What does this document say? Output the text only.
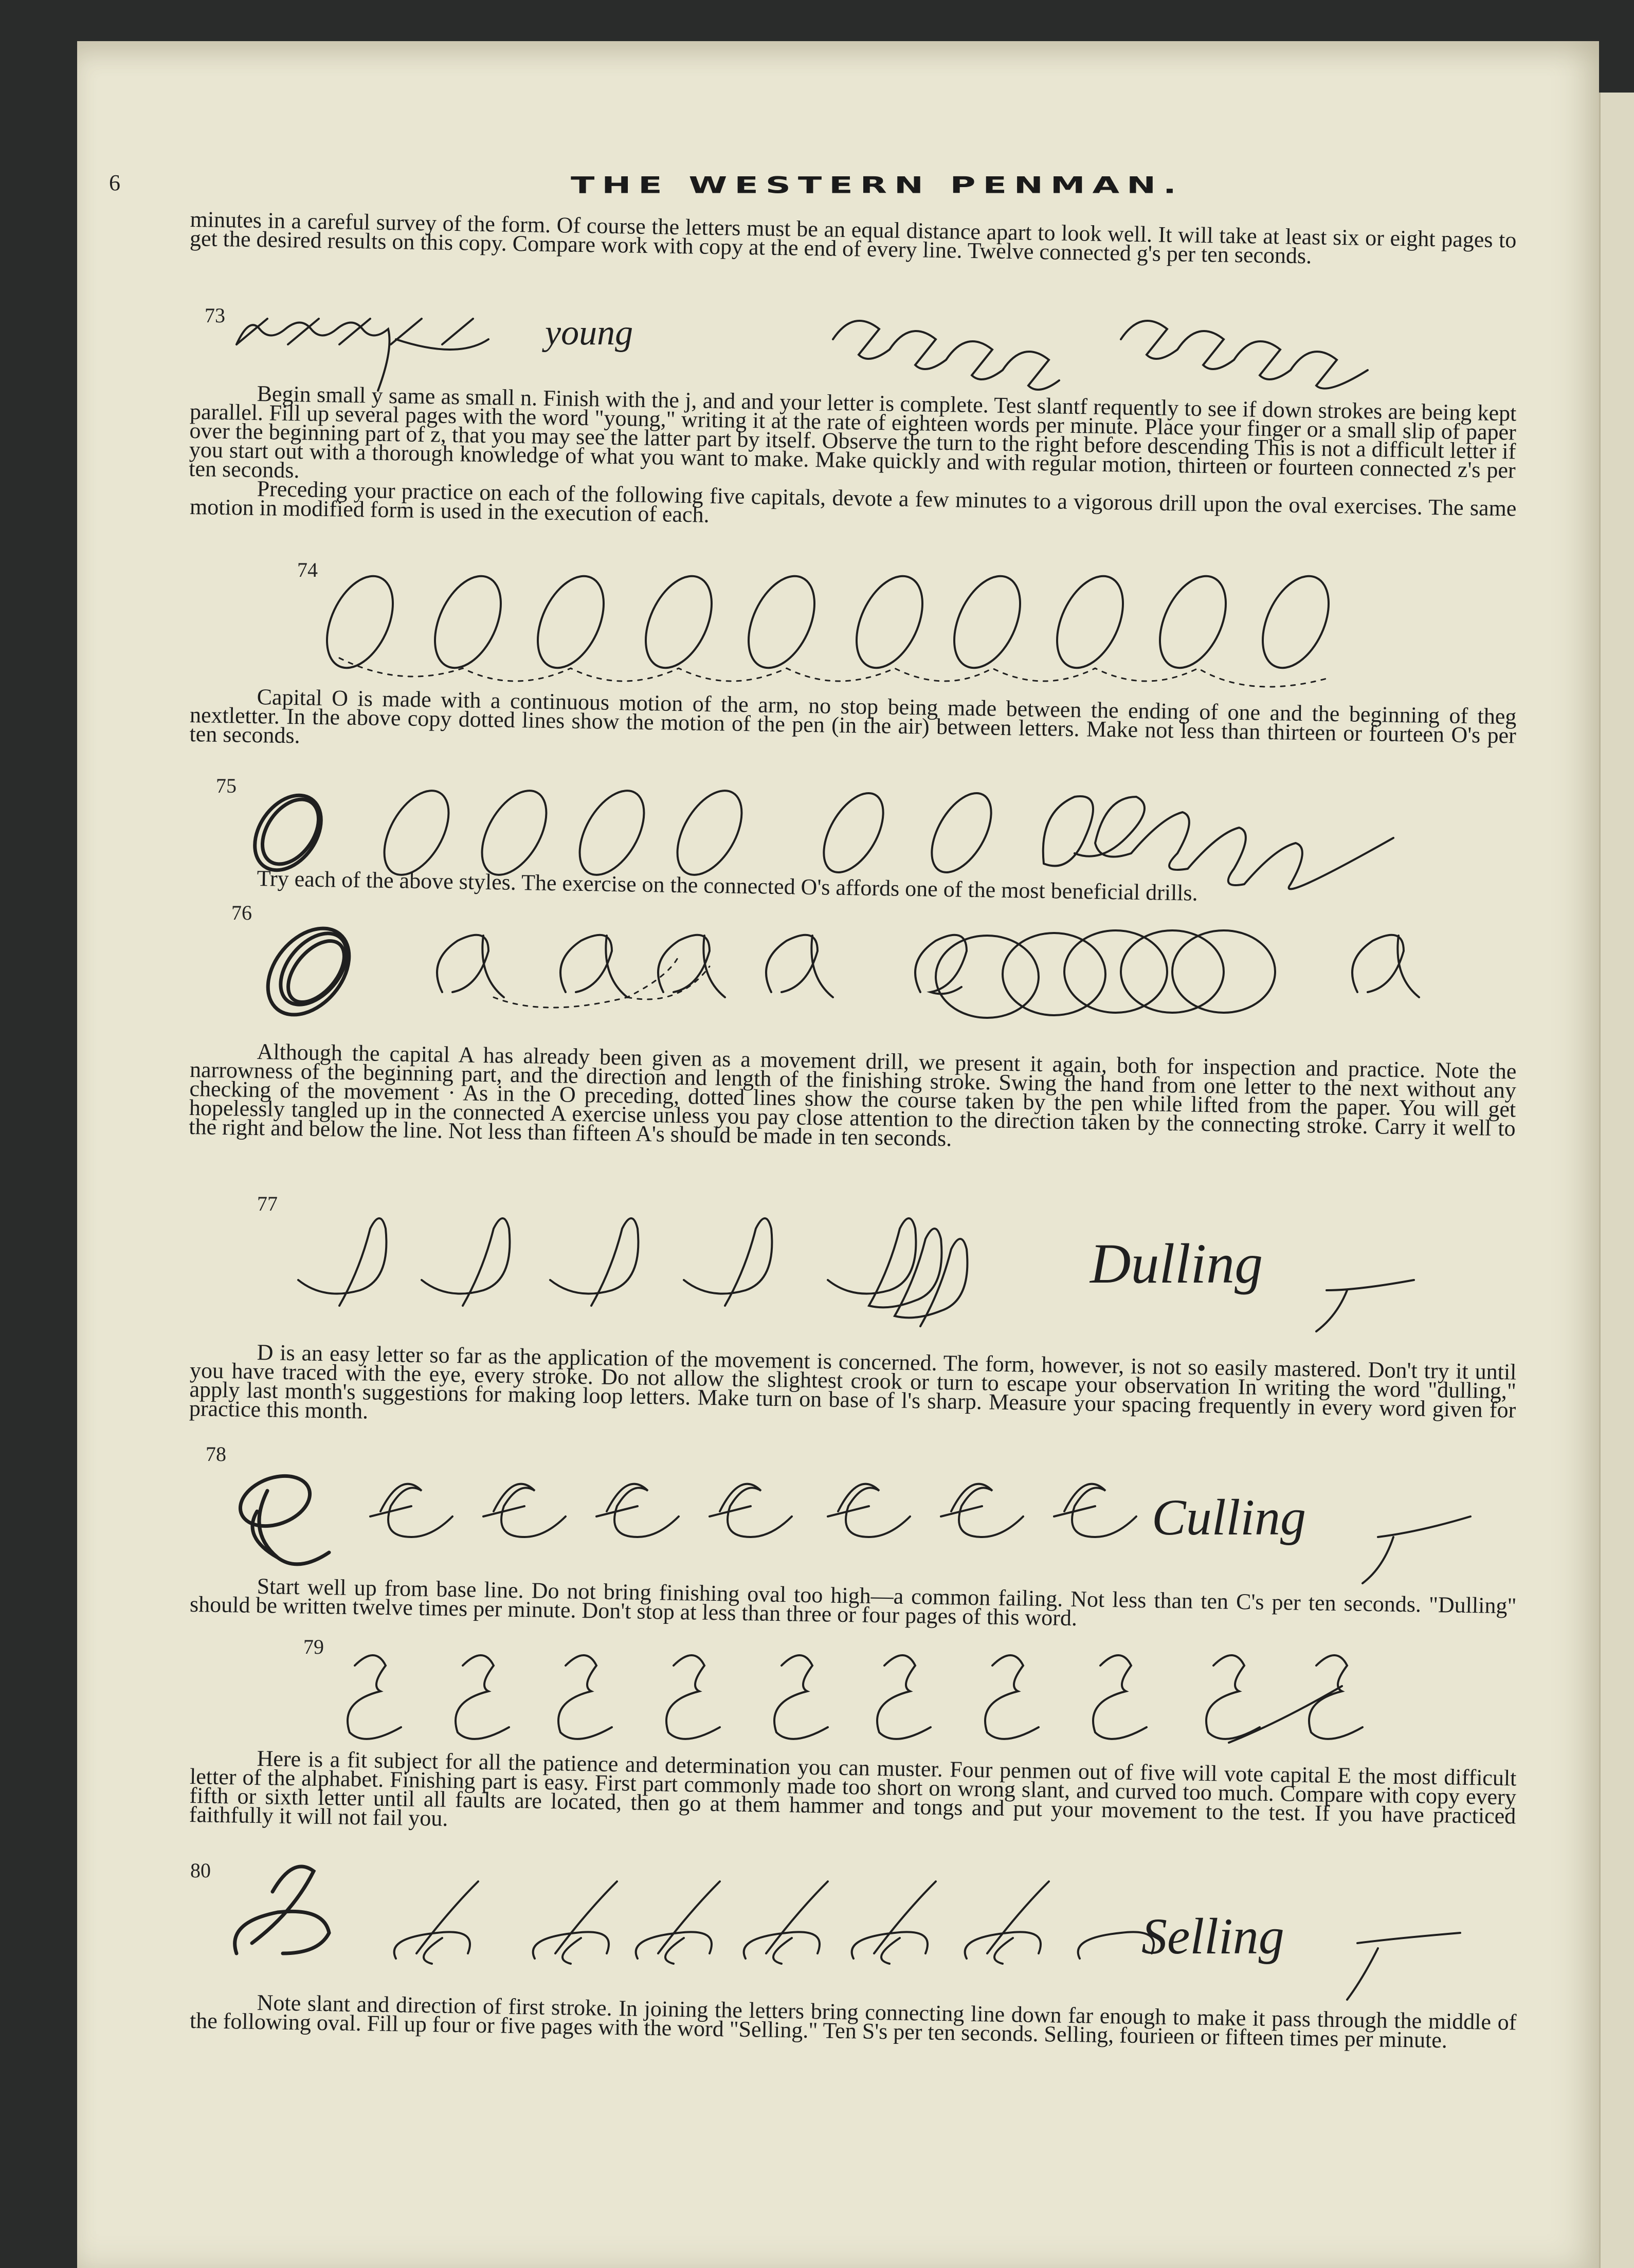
6	THE WESTERN PENMAN.
minutes in a careful survey of the form. Of course the letters must be an equal distance apart to look well. It will take at least six or eight pages to get the desired results on this copy. Compare work with copy at the end of every line. Twelve connected g's per ten seconds.
73	young
Begin small y same as small n. Finish with the j, and and your letter is complete. Test slantf requently to see if down strokes are being kept parallel. Fill up several pages with the word "young," writing it at the rate of eighteen words per minute. Place your finger or a small slip of paper over the beginning part of z, that you may see the latter part by itself. Observe the turn to the right before descending This is not a difficult letter if you start out with a thorough knowledge of what you want to make. Make quickly and with regular motion, thirteen or fourteen connected z's per ten seconds.
Preceding your practice on each of the following five capitals, devote a few minutes to a vigorous drill upon the oval exercises. The same motion in modified form is used in the execution of each.
74
Capital O is made with a continuous motion of the arm, no stop being made between the ending of one and the beginning of theg nextletter. In the above copy dotted lines show the motion of the pen (in the air) between letters. Make not less than thirteen or fourteen O's per ten seconds.
75
Try each of the above styles. The exercise on the connected O's affords one of the most beneficial drills.
76
Although the capital A has already been given as a movement drill, we present it again, both for inspection and practice. Note the narrowness of the beginning part, and the direction and length of the finishing stroke. Swing the hand from one letter to the next without any checking of the movement · As in the O preceding, dotted lines show the course taken by the pen while lifted from the paper. You will get hopelessly tangled up in the connected A exercise unless you pay close attention to the direction taken by the connecting stroke. Carry it well to the right and below the line. Not less than fifteen A's should be made in ten seconds.
77
Dulling
D is an easy letter so far as the application of the movement is concerned. The form, however, is not so easily mastered. Don't try it until you have traced with the eye, every stroke. Do not allow the slightest crook or turn to escape your observation In writing the word "dulling," apply last month's suggestions for making loop letters. Make turn on base of l's sharp. Measure your spacing frequently in every word given for practice this month.
78
Culling
Start well up from base line. Do not bring finishing oval too high—a common failing. Not less than ten C's per ten seconds. "Dulling" should be written twelve times per minute. Don't stop at less than three or four pages of this word.
79
Here is a fit subject for all the patience and determination you can muster. Four penmen out of five will vote capital E the most difficult letter of the alphabet. Finishing part is easy. First part commonly made too short on wrong slant, and curved too much. Compare with copy every fifth or sixth letter until all faults are located, then go at them hammer and tongs and put your movement to the test. If you have practiced faithfully it will not fail you.
80
Selling
Note slant and direction of first stroke. In joining the letters bring connecting line down far enough to make it pass through the middle of the following oval. Fill up four or five pages with the word "Selling." Ten S's per ten seconds. Selling, fourieen or fifteen times per minute.
